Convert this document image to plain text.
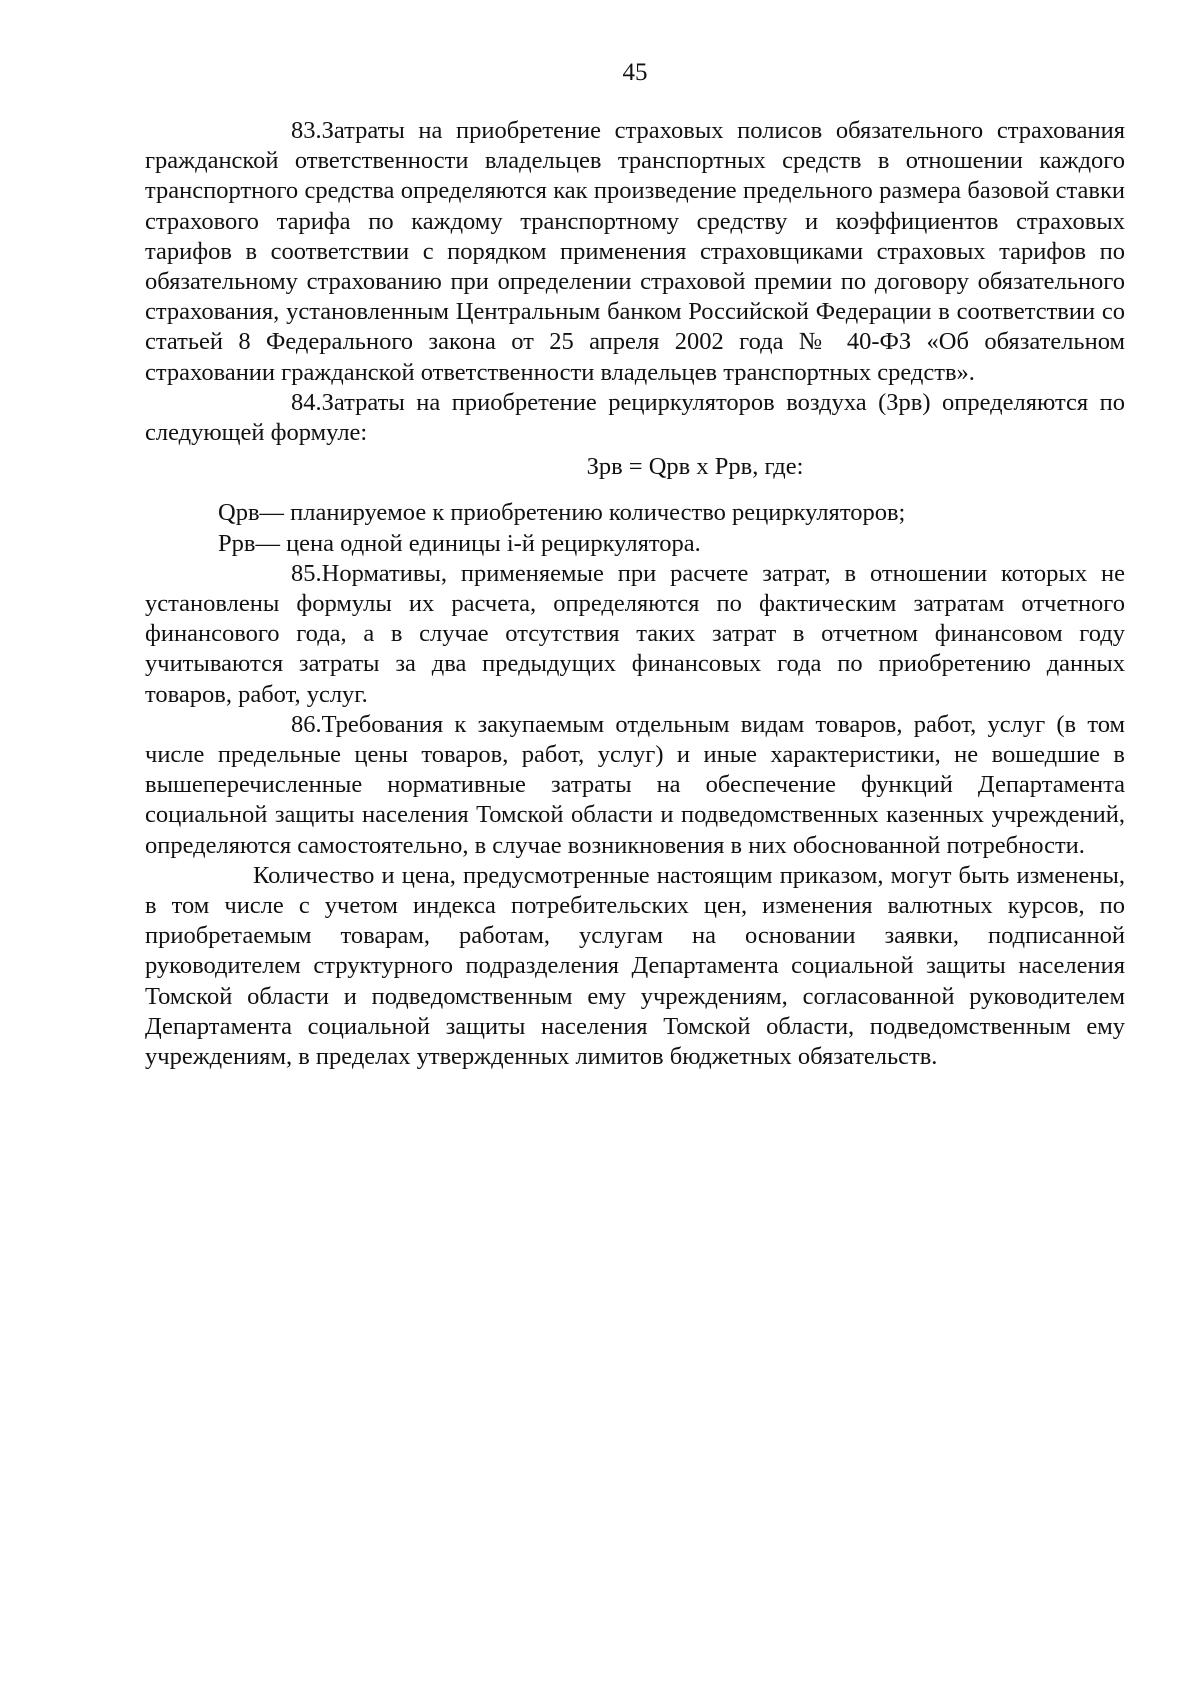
45

83.Затраты на приобретение страховых полисов обязательного страхования гражданской ответственности владельцев транспортных средств в отношении каждого транспортного средства определяются как произведение предельного размера базовой ставки страхового тарифа по каждому транспортному средству и коэффициентов страховых тарифов в соответствии с порядком применения страховщиками страховых тарифов по обязательному страхованию при определении страховой премии по договору обязательного страхования, установленным Центральным банком Российской Федерации в соответствии со статьей 8 Федерального закона от 25 апреля 2002 года № 40-ФЗ «Об обязательном страховании гражданской ответственности владельцев транспортных средств».

84.Затраты на приобретение рециркуляторов воздуха (Зрв) определяются по следующей формуле:

Зрв = Qрв х Ррв, где:

Qрв— планируемое к приобретению количество рециркуляторов;

Ррв— цена одной единицы i-й рециркулятора.

85.Нормативы, применяемые при расчете затрат, в отношении которых не установлены формулы их расчета, определяются по фактическим затратам отчетного финансового года, а в случае отсутствия таких затрат в отчетном финансовом году учитываются затраты за два предыдущих финансовых года по приобретению данных товаров, работ, услуг.

86.Требования к закупаемым отдельным видам товаров, работ, услуг (в том числе предельные цены товаров, работ, услуг) и иные характеристики, не вошедшие в вышеперечисленные нормативные затраты на обеспечение функций Департамента социальной защиты населения Томской области и подведомственных казенных учреждений, определяются самостоятельно, в случае возникновения в них обоснованной потребности.

Количество и цена, предусмотренные настоящим приказом, могут быть изменены, в том числе с учетом индекса потребительских цен, изменения валютных курсов, по приобретаемым товарам, работам, услугам на основании заявки, подписанной руководителем структурного подразделения Департамента социальной защиты населения Томской области и подведомственным ему учреждениям, согласованной руководителем Департамента социальной защиты населения Томской области, подведомственным ему учреждениям, в пределах утвержденных лимитов бюджетных обязательств.
